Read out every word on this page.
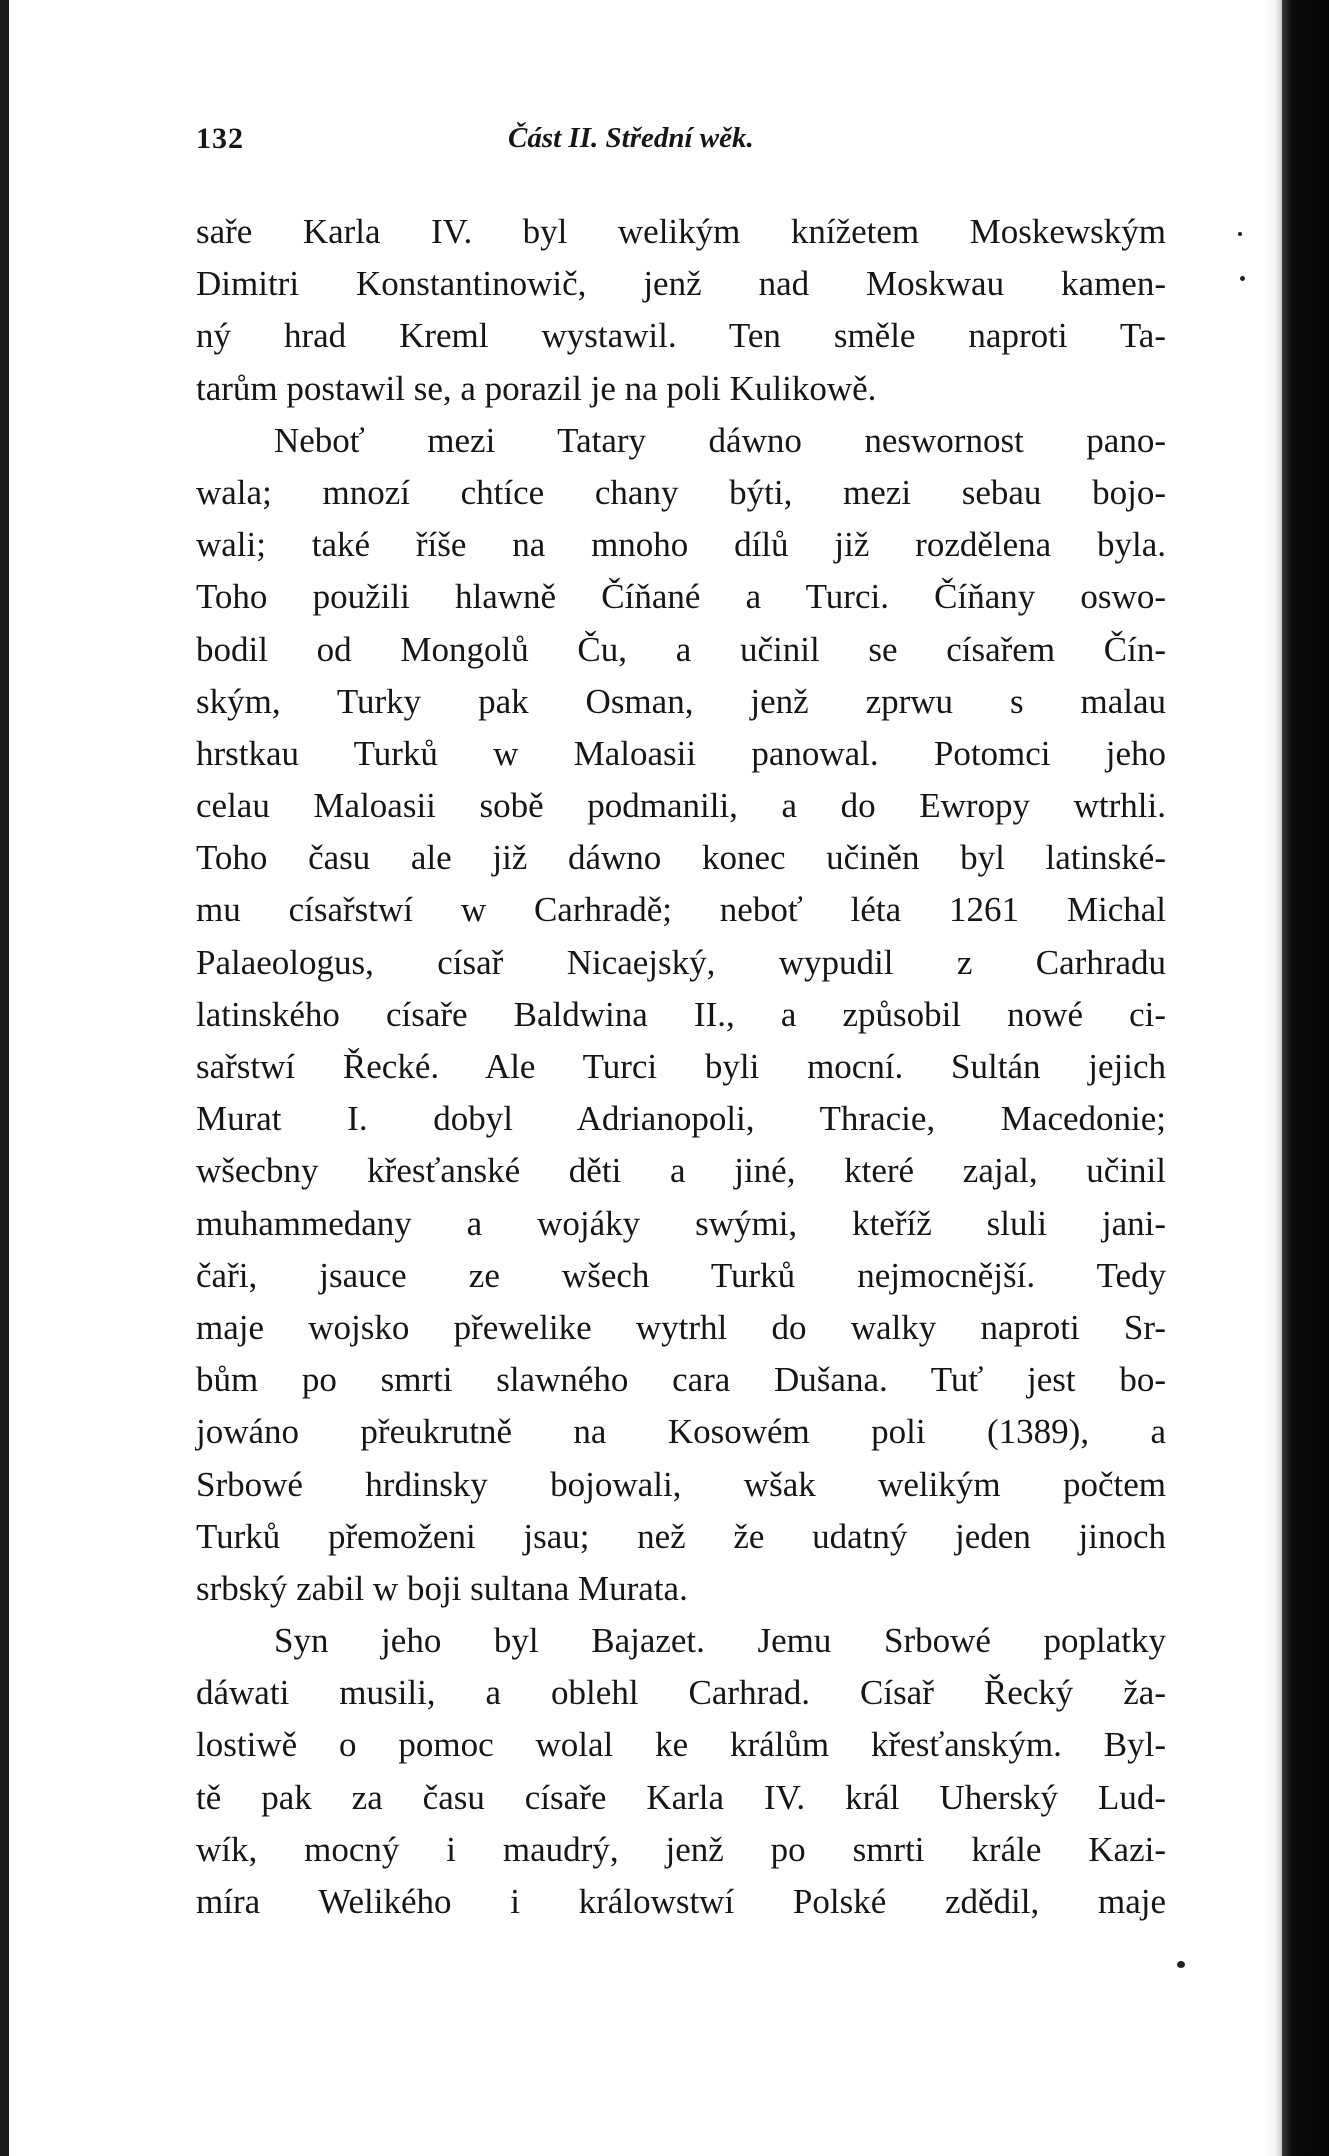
132	Část II. Střední wěk.
saře Karla IV. byl welikým knížetem Moskewským
Dimitri Konstantinowič, jenž nad Moskwau kamen-
ný hrad Kreml wystawil. Ten směle naproti Ta-
tarům postawil se, a porazil je na poli Kulikowě.
Neboť mezi Tatary dáwno neswornost pano-
wala; mnozí chtíce chany býti, mezi sebau bojo-
wali; také říše na mnoho dílů již rozdělena byla.
Toho použili hlawně Číňané a Turci. Číňany oswo-
bodil od Mongolů Ču, a učinil se císařem Čín-
ským, Turky pak Osman, jenž zprwu s malau
hrstkau Turků w Maloasii panowal. Potomci jeho
celau Maloasii sobě podmanili, a do Ewropy wtrhli.
Toho času ale již dáwno konec učiněn byl latinské-
mu císařstwí w Carhradě; neboť léta 1261 Michal
Palaeologus, císař Nicaejský, wypudil z Carhradu
latinského císaře Baldwina II., a způsobil nowé ci-
sařstwí Řecké. Ale Turci byli mocní. Sultán jejich
Murat I. dobyl Adrianopoli, Thracie, Macedonie;
wšecbny křesťanské děti a jiné, které zajal, učinil
muhammedany a wojáky swými, kteříž sluli jani-
čaři, jsauce ze wšech Turků nejmocnější. Tedy
maje wojsko přewelike wytrhl do walky naproti Sr-
bům po smrti slawného cara Dušana. Tuť jest bo-
jowáno přeukrutně na Kosowém poli (1389), a
Srbowé hrdinsky bojowali, wšak welikým počtem
Turků přemoženi jsau; než že udatný jeden jinoch
srbský zabil w boji sultana Murata.
Syn jeho byl Bajazet. Jemu Srbowé poplatky
dáwati musili, a oblehl Carhrad. Císař Řecký ža-
lostiwě o pomoc wolal ke králům křesťanským. Byl-
tě pak za času císaře Karla IV. král Uherský Lud-
wík, mocný i maudrý, jenž po smrti krále Kazi-
míra Welikého i králowstwí Polské zdědil, maje
